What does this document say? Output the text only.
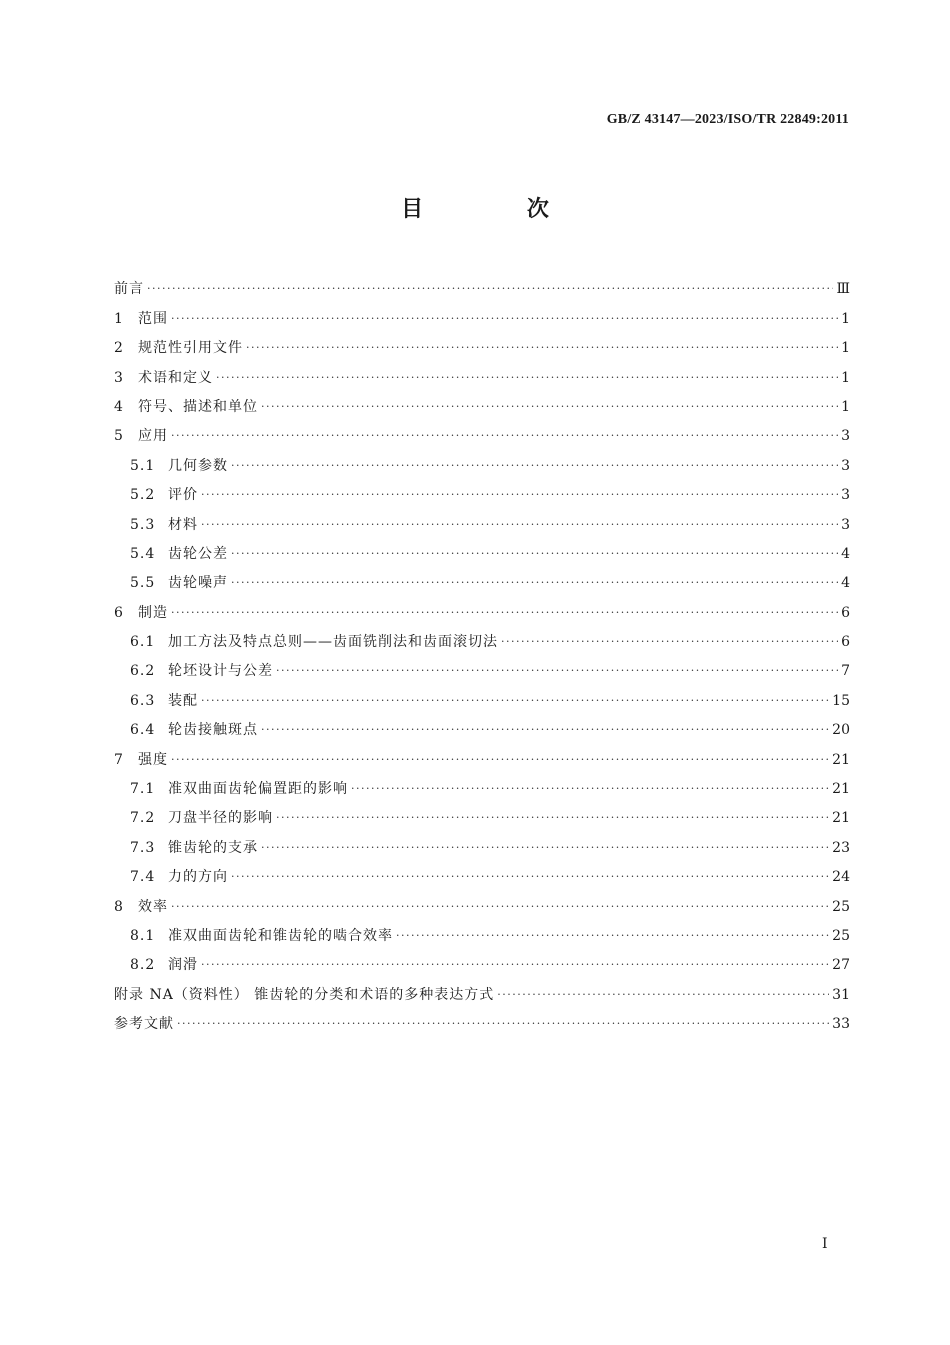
GB/Z 43147—2023/ISO/TR 22849:2011
目 次
前言 ·····	Ⅲ
1	范围 ·····	1
2	规范性引用文件 ·····	1
3	术语和定义 ·····	1
4	符号、描述和单位 ·····	1
5	应用 ·····	3
5.1 几何参数 ·····	3
5.2 评价 ·····	3
5.3 材料 ·····	3
5.4 齿轮公差 ·····	4
5.5 齿轮噪声 ·····	4
6	制造 ·····	6
6.1 加工方法及特点总则——齿面铣削法和齿面滚切法 ·····	6
6.2 轮坯设计与公差 ·····	7
6.3 装配 ·····	15
6.4 轮齿接触斑点 ·····	20
7	强度 ·····	21
7.1 准双曲面齿轮偏置距的影响 ·····	21
7.2 刀盘半径的影响 ·····	21
7.3 锥齿轮的支承 ·····	23
7.4 力的方向 ·····	24
8	效率 ·····	25
8.1 准双曲面齿轮和锥齿轮的啮合效率 ·····	25
8.2 润滑 ·····	27
附录 NA（资料性） 锥齿轮的分类和术语的多种表达方式 ·····	31
参考文献 ·····	33
I
